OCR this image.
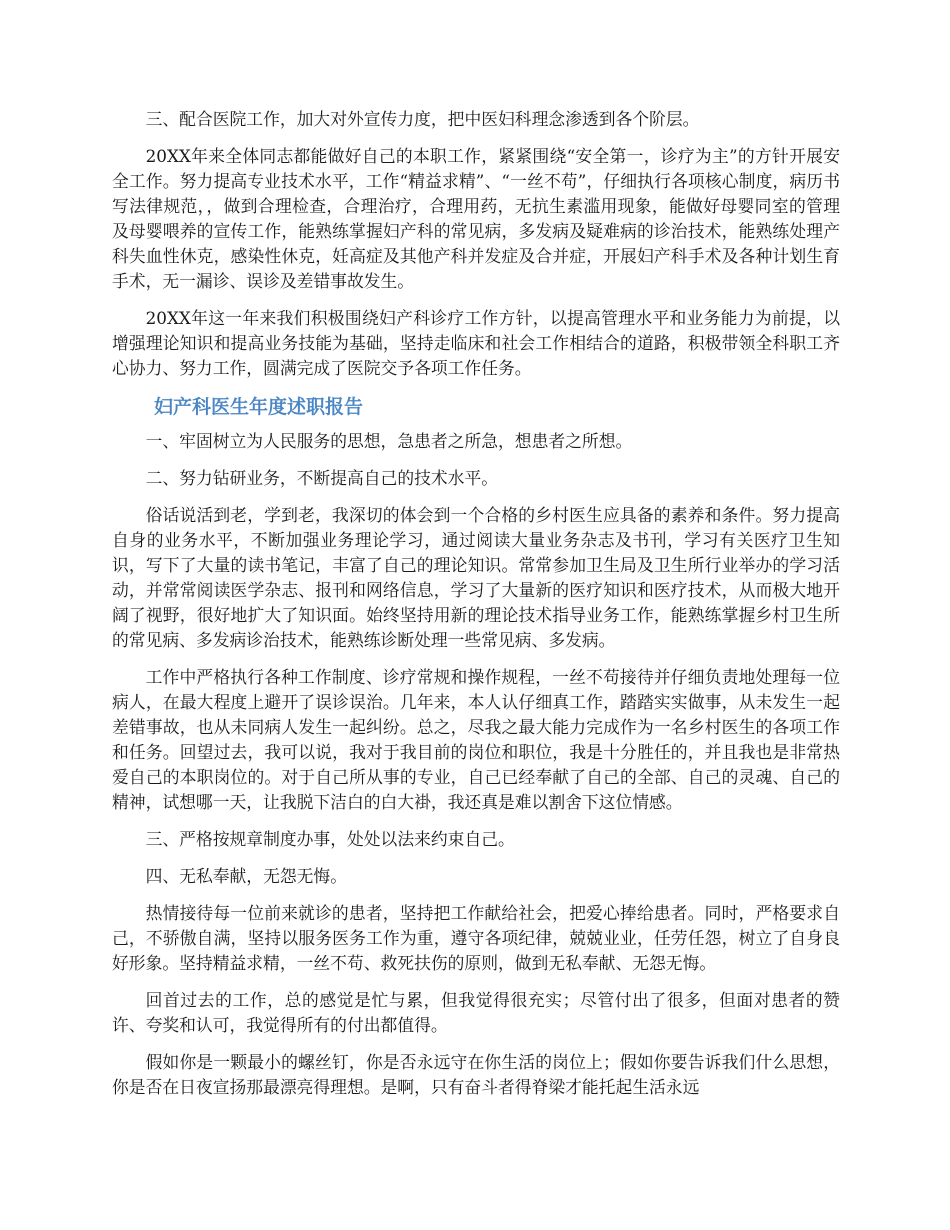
三、配合医院工作，加大对外宣传力度，把中医妇科理念渗透到各个阶层。

20XX年来全体同志都能做好自己的本职工作，紧紧围绕“安全第一，诊疗为主”的方针开展安全工作。努力提高专业技术水平，工作“精益求精”、“一丝不苟”，仔细执行各项核心制度，病历书写法律规范，，做到合理检查，合理治疗，合理用药，无抗生素滥用现象，能做好母婴同室的管理及母婴喂养的宣传工作，能熟练掌握妇产科的常见病，多发病及疑难病的诊治技术，能熟练处理产科失血性休克，感染性休克，妊高症及其他产科并发症及合并症，开展妇产科手术及各种计划生育手术，无一漏诊、误诊及差错事故发生。

20XX年这一年来我们积极围绕妇产科诊疗工作方针，以提高管理水平和业务能力为前提，以增强理论知识和提高业务技能为基础，坚持走临床和社会工作相结合的道路，积极带领全科职工齐心协力、努力工作，圆满完成了医院交予各项工作任务。

妇产科医生年度述职报告

一、牢固树立为人民服务的思想，急患者之所急，想患者之所想。

二、努力钻研业务，不断提高自己的技术水平。

俗话说活到老，学到老，我深切的体会到一个合格的乡村医生应具备的素养和条件。努力提高自身的业务水平，不断加强业务理论学习，通过阅读大量业务杂志及书刊，学习有关医疗卫生知识，写下了大量的读书笔记，丰富了自己的理论知识。常常参加卫生局及卫生所行业举办的学习活动，并常常阅读医学杂志、报刊和网络信息，学习了大量新的医疗知识和医疗技术，从而极大地开阔了视野，很好地扩大了知识面。始终坚持用新的理论技术指导业务工作，能熟练掌握乡村卫生所的常见病、多发病诊治技术，能熟练诊断处理一些常见病、多发病。

工作中严格执行各种工作制度、诊疗常规和操作规程，一丝不苟接待并仔细负责地处理每一位病人，在最大程度上避开了误诊误治。几年来，本人认仔细真工作，踏踏实实做事，从未发生一起差错事故，也从未同病人发生一起纠纷。总之，尽我之最大能力完成作为一名乡村医生的各项工作和任务。回望过去，我可以说，我对于我目前的岗位和职位，我是十分胜任的，并且我也是非常热爱自己的本职岗位的。对于自己所从事的专业，自己已经奉献了自己的全部、自己的灵魂、自己的精神，试想哪一天，让我脱下洁白的白大褂，我还真是难以割舍下这位情感。

三、严格按规章制度办事，处处以法来约束自己。

四、无私奉献，无怨无悔。

热情接待每一位前来就诊的患者，坚持把工作献给社会，把爱心捧给患者。同时，严格要求自己，不骄傲自满，坚持以服务医务工作为重，遵守各项纪律，兢兢业业，任劳任怨，树立了自身良好形象。坚持精益求精，一丝不苟、救死扶伤的原则，做到无私奉献、无怨无悔。

回首过去的工作，总的感觉是忙与累，但我觉得很充实；尽管付出了很多，但面对患者的赞许、夸奖和认可，我觉得所有的付出都值得。

假如你是一颗最小的螺丝钉，你是否永远守在你生活的岗位上；假如你要告诉我们什么思想，你是否在日夜宣扬那最漂亮得理想。是啊，只有奋斗者得脊梁才能托起生活永远
